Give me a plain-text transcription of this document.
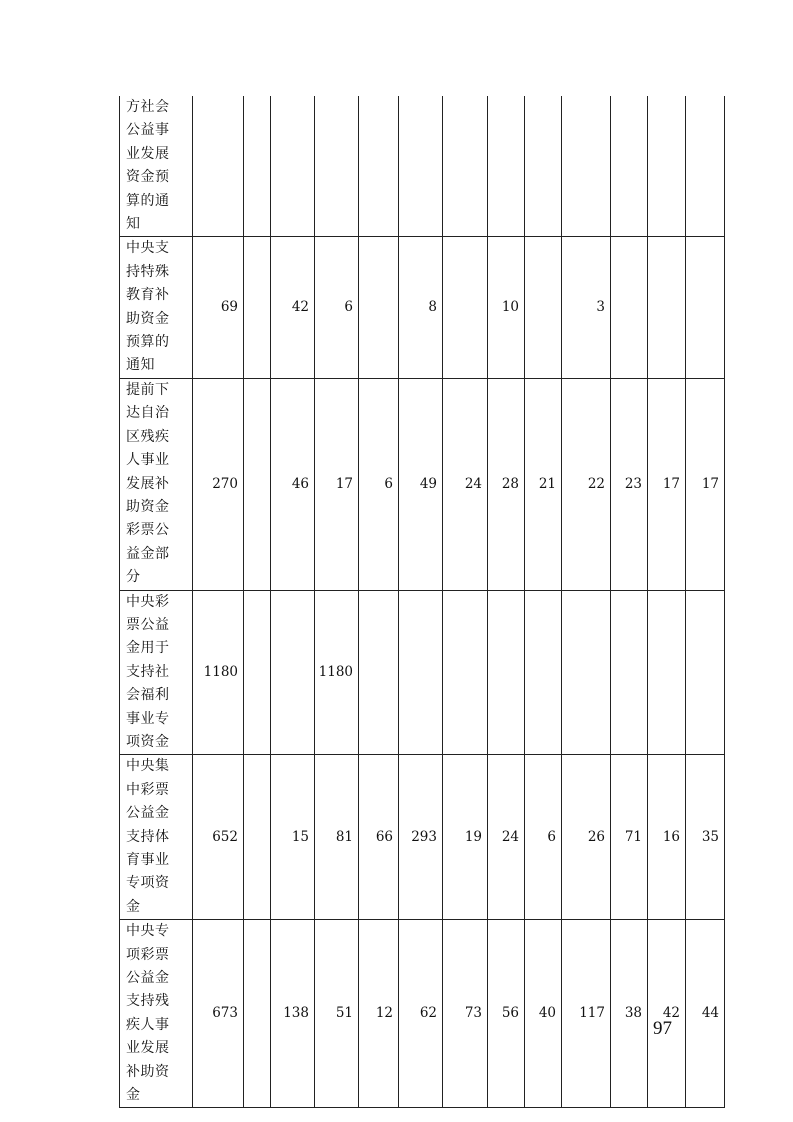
方社会公益事业发展资金预算的通知													

中央支持特殊教育补助资金预算的通知	69		42	6		8		10		3			

提前下达自治区残疾人事业发展补助资金彩票公益金部分	270		46	17	6	49	24	28	21	22	23	17	17

中央彩票公益金用于支持社会福利事业专项资金	1180			1180									

中央集中彩票公益金支持体育事业专项资金	652		15	81	66	293	19	24	6	26	71	16	35

中央专项彩票公益金支持残疾人事业发展补助资金	673		138	51	12	62	73	56	40	117	38	42	44
97
